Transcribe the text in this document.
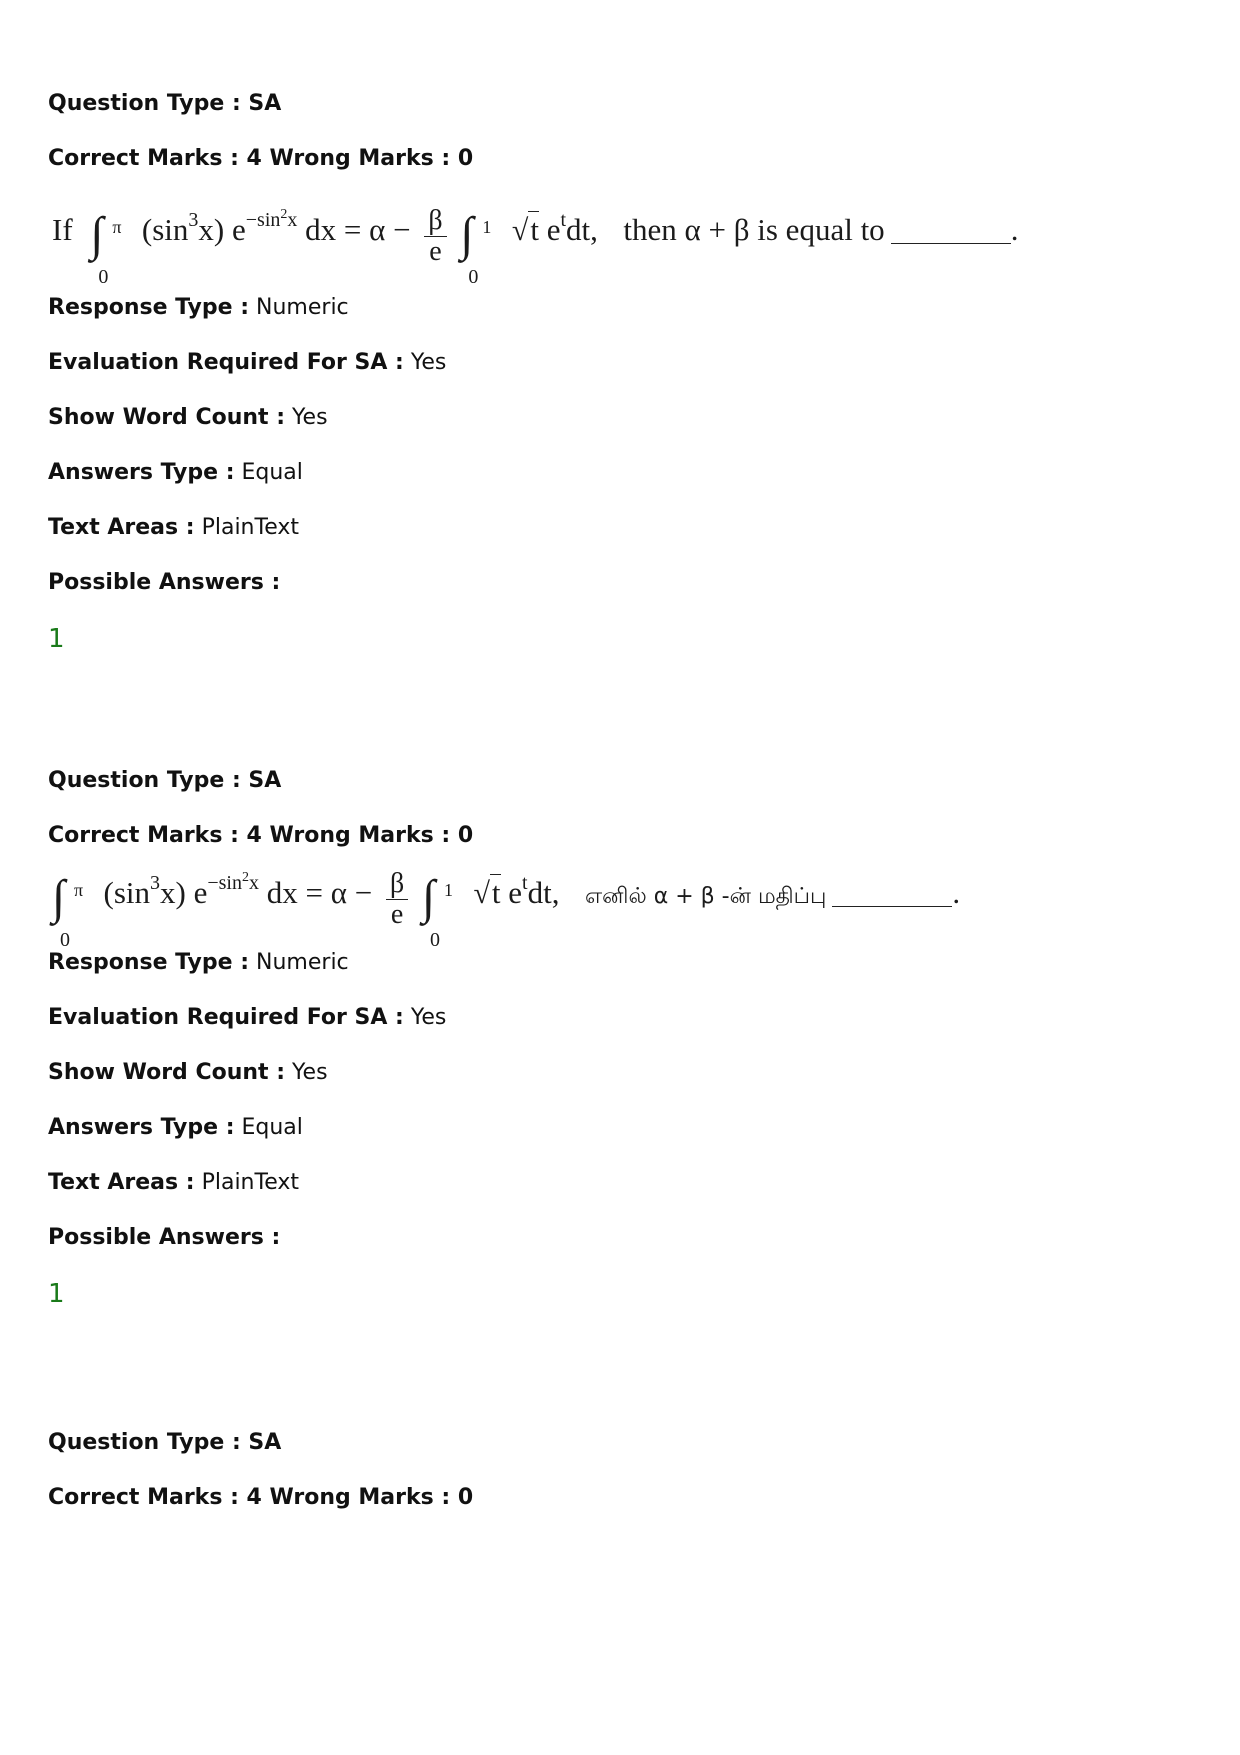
Question Type : SA
Correct Marks : 4 Wrong Marks : 0
If ∫ π
0
$(\sin^3x)$ $e^{-sin^2x}$ dx = $\alpha - \frac{\beta}{e}$ ∫ 1
0
√t $e^tdt$, then α + β is equal to	.
Response Type : Numeric
Evaluation Required For SA : Yes
Show Word Count : Yes
Answers Type : Equal
Text Areas : PlainText
Possible Answers :
1
Question Type : SA
Correct Marks : 4 Wrong Marks : 0
∫ π
0
$(\sin^3x)$ $e^{-sin^2x}$ dx = $\alpha - \frac{\beta}{e}$ ∫ 1
0
√t $e^tdt$, எனில் α + β -ன் மதிப்பு	.
Response Type : Numeric
Evaluation Required For SA : Yes
Show Word Count : Yes
Answers Type : Equal
Text Areas : PlainText
Possible Answers :
1
Question Type : SA
Correct Marks : 4 Wrong Marks : 0
